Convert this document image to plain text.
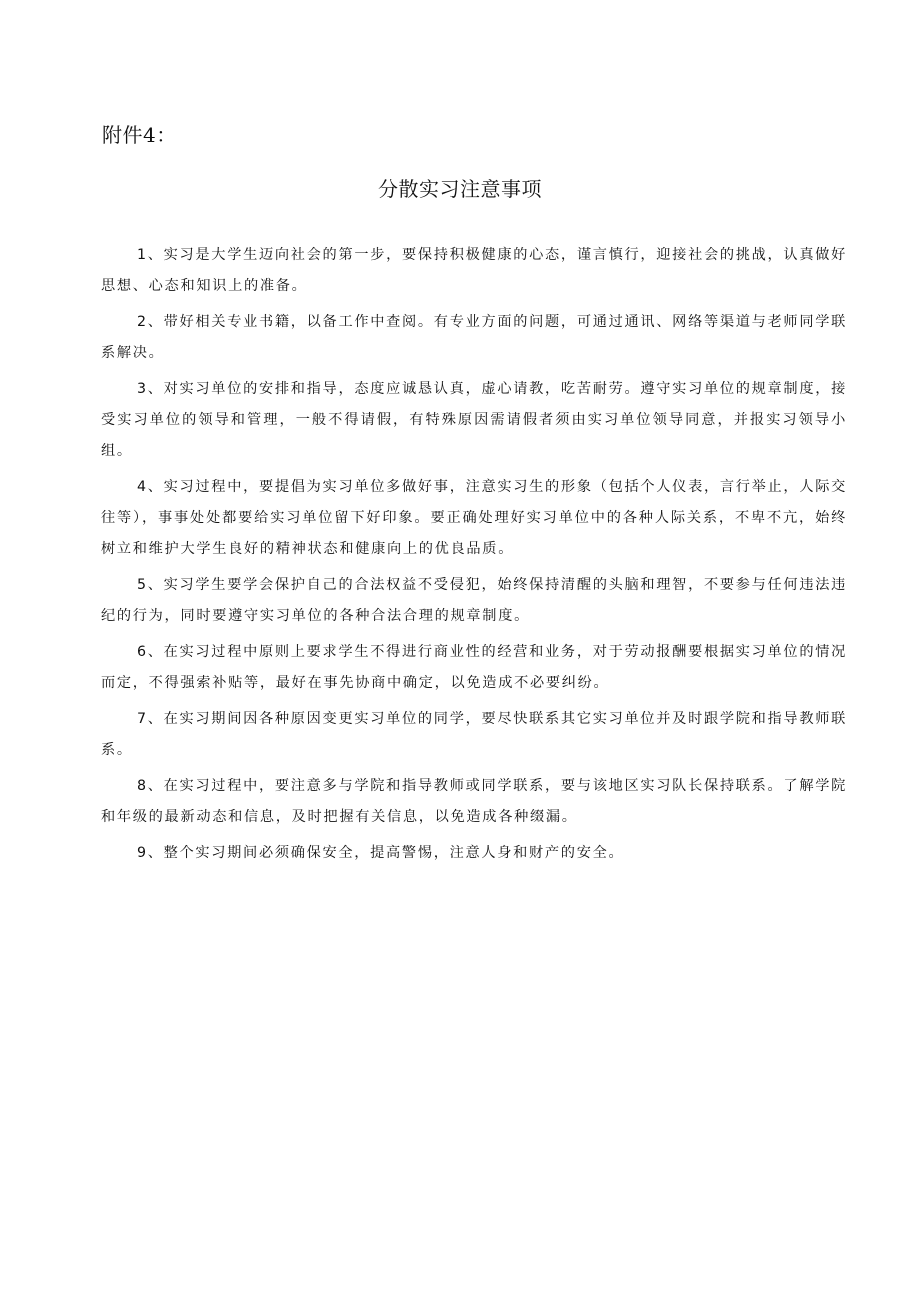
附件4：
分散实习注意事项

1、实习是大学生迈向社会的第一步，要保持积极健康的心态，谨言慎行，迎接社会的挑战，认真做好思想、心态和知识上的准备。

2、带好相关专业书籍，以备工作中查阅。有专业方面的问题，可通过通讯、网络等渠道与老师同学联系解决。

3、对实习单位的安排和指导，态度应诚恳认真，虚心请教，吃苦耐劳。遵守实习单位的规章制度，接受实习单位的领导和管理，一般不得请假，有特殊原因需请假者须由实习单位领导同意，并报实习领导小组。

4、实习过程中，要提倡为实习单位多做好事，注意实习生的形象（包括个人仪表，言行举止，人际交往等），事事处处都要给实习单位留下好印象。要正确处理好实习单位中的各种人际关系，不卑不亢，始终树立和维护大学生良好的精神状态和健康向上的优良品质。

5、实习学生要学会保护自己的合法权益不受侵犯，始终保持清醒的头脑和理智，不要参与任何违法违纪的行为，同时要遵守实习单位的各种合法合理的规章制度。

6、在实习过程中原则上要求学生不得进行商业性的经营和业务，对于劳动报酬要根据实习单位的情况而定，不得强索补贴等，最好在事先协商中确定，以免造成不必要纠纷。

7、在实习期间因各种原因变更实习单位的同学，要尽快联系其它实习单位并及时跟学院和指导教师联系。

8、在实习过程中，要注意多与学院和指导教师或同学联系，要与该地区实习队长保持联系。了解学院和年级的最新动态和信息，及时把握有关信息，以免造成各种缀漏。

9、整个实习期间必须确保安全，提高警惕，注意人身和财产的安全。
